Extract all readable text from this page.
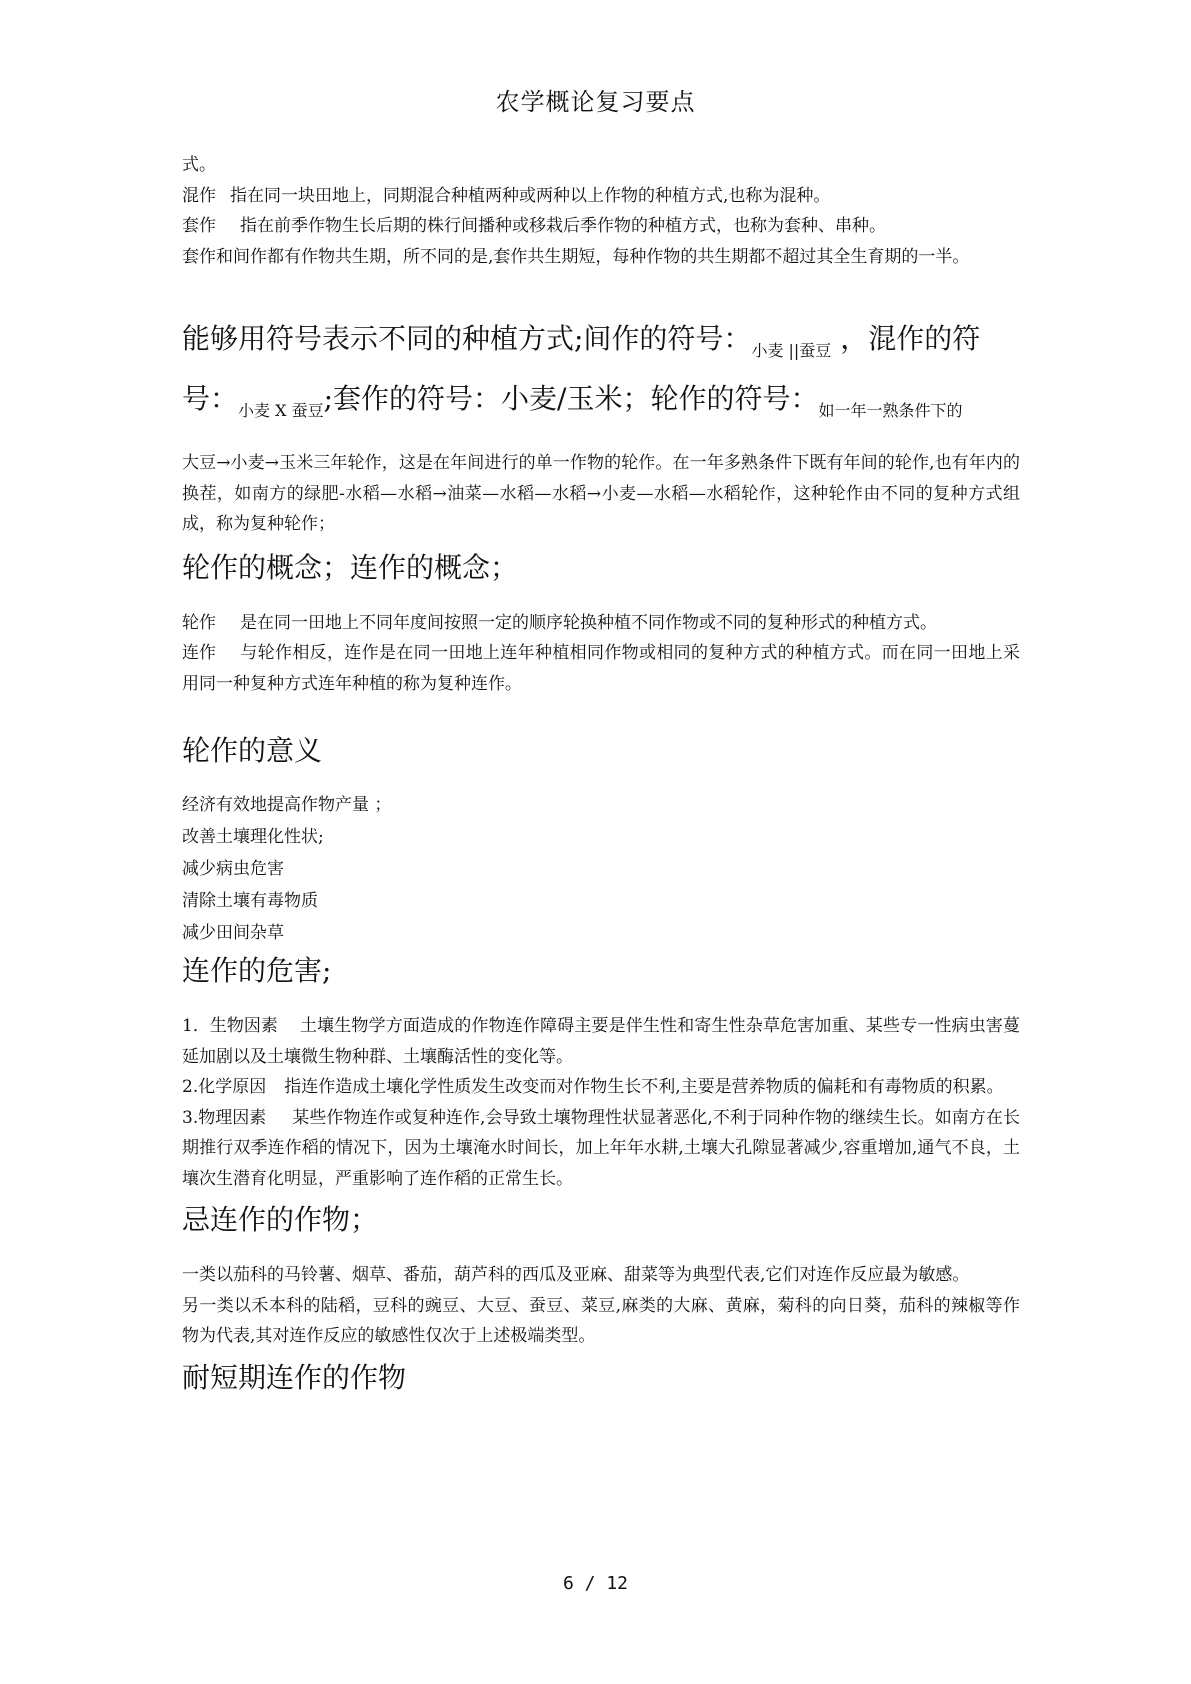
农学概论复习要点

式。

混作 指在同一块田地上，同期混合种植两种或两种以上作物的种植方式,也称为混种。

套作 指在前季作物生长后期的株行间播种或移栽后季作物的种植方式，也称为套种、串种。

套作和间作都有作物共生期，所不同的是,套作共生期短，每种作物的共生期都不超过其全生育期的一半。

能够用符号表示不同的种植方式;间作的符号：$_{小麦 ||蚕豆}$ ，混作的符

号：$_{小麦 X 蚕豆}$;套作的符号：小麦/玉米；轮作的符号：$_{如一年一熟条件下的}$

大豆→小麦→玉米三年轮作，这是在年间进行的单一作物的轮作。在一年多熟条件下既有年间的轮作,也有年内的换茬，如南方的绿肥-水稻—水稻→油菜—水稻—水稻→小麦—水稻—水稻轮作，这种轮作由不同的复种方式组成，称为复种轮作；

轮作的概念；连作的概念；

轮作 是在同一田地上不同年度间按照一定的顺序轮换种植不同作物或不同的复种形式的种植方式。

连作 与轮作相反，连作是在同一田地上连年种植相同作物或相同的复种方式的种植方式。而在同一田地上采用同一种复种方式连年种植的称为复种连作。

轮作的意义

经济有效地提高作物产量 ；

改善土壤理化性状;

减少病虫危害

清除土壤有毒物质

减少田间杂草

连作的危害;

1．生物因素 土壤生物学方面造成的作物连作障碍主要是伴生性和寄生性杂草危害加重、某些专一性病虫害蔓延加剧以及土壤微生物种群、土壤酶活性的变化等。

2.化学原因 指连作造成土壤化学性质发生改变而对作物生长不利,主要是营养物质的偏耗和有毒物质的积累。

3.物理因素 某些作物连作或复种连作,会导致土壤物理性状显著恶化,不利于同种作物的继续生长。如南方在长期推行双季连作稻的情况下，因为土壤淹水时间长，加上年年水耕,土壤大孔隙显著减少,容重增加,通气不良，土壤次生潜育化明显，严重影响了连作稻的正常生长。

忌连作的作物；

一类以茄科的马铃薯、烟草、番茄，葫芦科的西瓜及亚麻、甜菜等为典型代表,它们对连作反应最为敏感。

另一类以禾本科的陆稻，豆科的豌豆、大豆、蚕豆、菜豆,麻类的大麻、黄麻，菊科的向日葵，茄科的辣椒等作物为代表,其对连作反应的敏感性仅次于上述极端类型。

耐短期连作的作物
6 / 12
